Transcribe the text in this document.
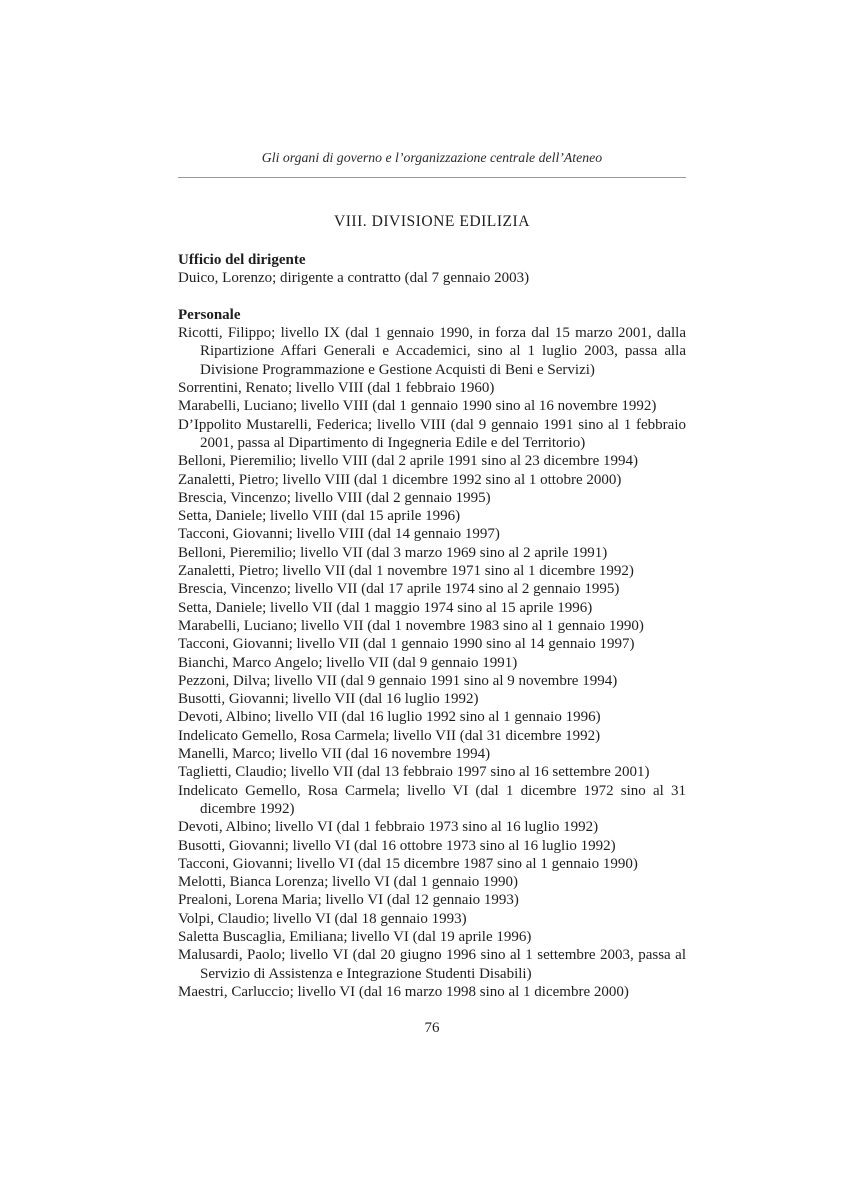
Gli organi di governo e l’organizzazione centrale dell’Ateneo
VIII. DIVISIONE EDILIZIA
Ufficio del dirigente
Duico, Lorenzo; dirigente a contratto (dal 7 gennaio 2003)
Personale
Ricotti, Filippo; livello IX (dal 1 gennaio 1990, in forza dal 15 marzo 2001, dalla Ripartizione Affari Generali e Accademici, sino al 1 luglio 2003, passa alla Divisione Programmazione e Gestione Acquisti di Beni e Servizi)
Sorrentini, Renato; livello VIII (dal 1 febbraio 1960)
Marabelli, Luciano; livello VIII (dal 1 gennaio 1990 sino al 16 novembre 1992)
D’Ippolito Mustarelli, Federica; livello VIII (dal 9 gennaio 1991 sino al 1 febbraio 2001, passa al Dipartimento di Ingegneria Edile e del Territorio)
Belloni, Pieremilio; livello VIII (dal 2 aprile 1991 sino al 23 dicembre 1994)
Zanaletti, Pietro; livello VIII (dal 1 dicembre 1992 sino al 1 ottobre 2000)
Brescia, Vincenzo; livello VIII (dal 2 gennaio 1995)
Setta, Daniele; livello VIII (dal 15 aprile 1996)
Tacconi, Giovanni; livello VIII (dal 14 gennaio 1997)
Belloni, Pieremilio; livello VII (dal 3 marzo 1969 sino al 2 aprile 1991)
Zanaletti, Pietro; livello VII (dal 1 novembre 1971 sino al 1 dicembre 1992)
Brescia, Vincenzo; livello VII (dal 17 aprile 1974 sino al 2 gennaio 1995)
Setta, Daniele; livello VII (dal 1 maggio 1974 sino al 15 aprile 1996)
Marabelli, Luciano; livello VII (dal 1 novembre 1983 sino al 1 gennaio 1990)
Tacconi, Giovanni; livello VII (dal 1 gennaio 1990 sino al 14 gennaio 1997)
Bianchi, Marco Angelo; livello VII (dal 9 gennaio 1991)
Pezzoni, Dilva; livello VII (dal 9 gennaio 1991 sino al 9 novembre 1994)
Busotti, Giovanni; livello VII (dal 16 luglio 1992)
Devoti, Albino; livello VII (dal 16 luglio 1992 sino al 1 gennaio 1996)
Indelicato Gemello, Rosa Carmela; livello VII (dal 31 dicembre 1992)
Manelli, Marco; livello VII (dal 16 novembre 1994)
Taglietti, Claudio; livello VII (dal 13 febbraio 1997 sino al 16 settembre 2001)
Indelicato Gemello, Rosa Carmela; livello VI (dal 1 dicembre 1972 sino al 31 dicembre 1992)
Devoti, Albino; livello VI (dal 1 febbraio 1973 sino al 16 luglio 1992)
Busotti, Giovanni; livello VI (dal 16 ottobre 1973 sino al 16 luglio 1992)
Tacconi, Giovanni; livello VI (dal 15 dicembre 1987 sino al 1 gennaio 1990)
Melotti, Bianca Lorenza; livello VI (dal 1 gennaio 1990)
Prealoni, Lorena Maria; livello VI (dal 12 gennaio 1993)
Volpi, Claudio; livello VI (dal 18 gennaio 1993)
Saletta Buscaglia, Emiliana; livello VI (dal 19 aprile 1996)
Malusardi, Paolo; livello VI (dal 20 giugno 1996 sino al 1 settembre 2003, passa al Servizio di Assistenza e Integrazione Studenti Disabili)
Maestri, Carluccio; livello VI (dal 16 marzo 1998 sino al 1 dicembre 2000)
76
